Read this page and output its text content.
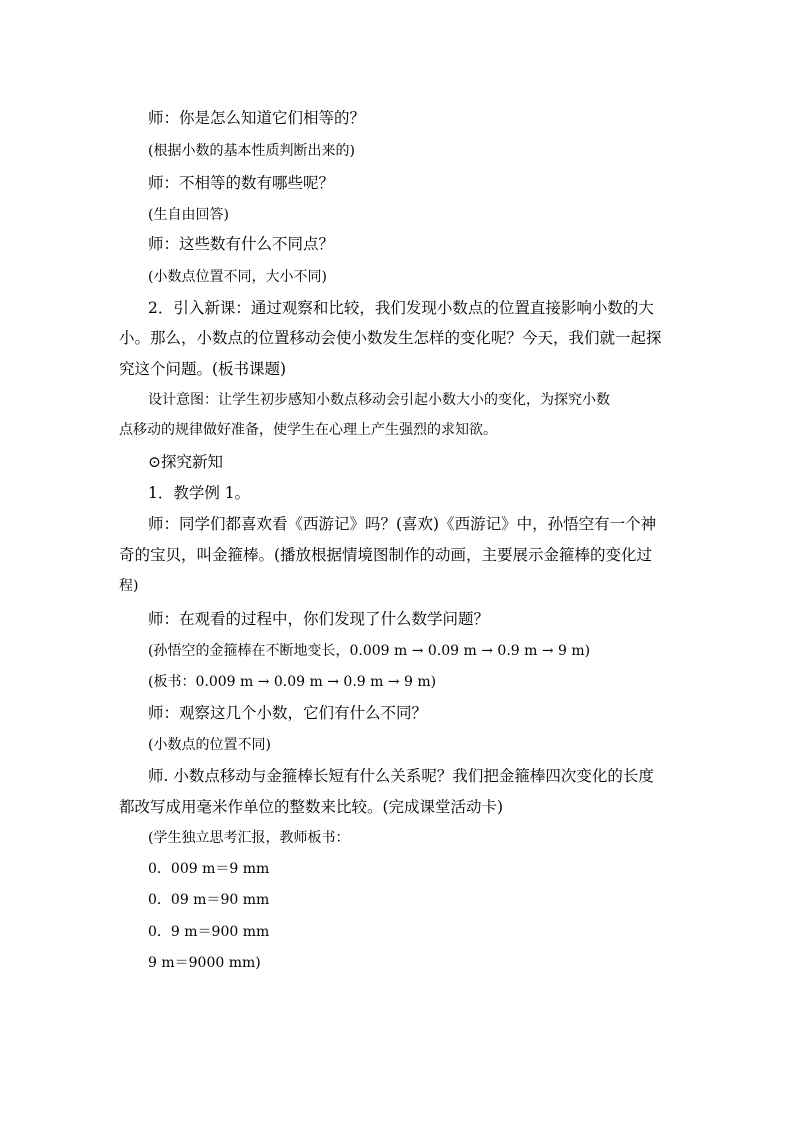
师：你是怎么知道它们相等的？
(根据小数的基本性质判断出来的)
师：不相等的数有哪些呢？
(生自由回答)
师：这些数有什么不同点？
(小数点位置不同，大小不同)
2．引入新课：通过观察和比较，我们发现小数点的位置直接影响小数的大
小。那么，小数点的位置移动会使小数发生怎样的变化呢？今天，我们就一起探
究这个问题。(板书课题)
设计意图：让学生初步感知小数点移动会引起小数大小的变化，为探究小数
点移动的规律做好准备，使学生在心理上产生强烈的求知欲。
⊙探究新知
1．教学例 1。
师：同学们都喜欢看《西游记》吗？(喜欢)《西游记》中，孙悟空有一个神
奇的宝贝，叫金箍棒。(播放根据情境图制作的动画，主要展示金箍棒的变化过
程)
师：在观看的过程中，你们发现了什么数学问题？
(孙悟空的金箍棒在不断地变长，0.009 m → 0.09 m → 0.9 m → 9 m)
(板书：0.009 m → 0.09 m → 0.9 m → 9 m)
师：观察这几个小数，它们有什么不同？
(小数点的位置不同)
师. 小数点移动与金箍棒长短有什么关系呢？我们把金箍棒四次变化的长度
都改写成用毫米作单位的整数来比较。(完成课堂活动卡)
(学生独立思考汇报，教师板书：
0．009 m＝9 mm
0．09 m＝90 mm
0．9 m＝900 mm
9 m＝9000 mm)
